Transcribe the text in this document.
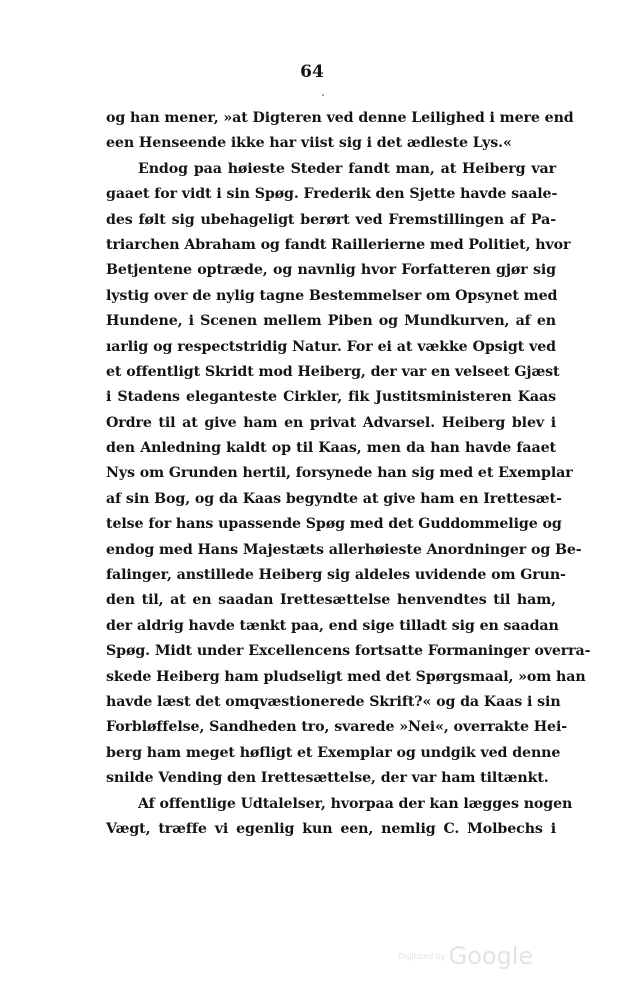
64
og han mener, »at Digteren ved denne Leilighed i mere end
een Henseende ikke har viist sig i det ædleste Lys.«
Endog paa høieste Steder fandt man, at Heiberg var
gaaet for vidt i sin Spøg. Frederik den Sjette havde saale-
des følt sig ubehageligt berørt ved Fremstillingen af Pa-
triarchen Abraham og fandt Raillerierne med Politiet, hvor
Betjentene optræde, og navnlig hvor Forfatteren gjør sig
lystig over de nylig tagne Bestemmelser om Opsynet med
Hundene, i Scenen mellem Piben og Mundkurven, af en
ıarlig og respectstridig Natur. For ei at vække Opsigt ved
et offentligt Skridt mod Heiberg, der var en velseet Gjæst
i Stadens eleganteste Cirkler, fik Justitsministeren Kaas
Ordre til at give ham en privat Advarsel. Heiberg blev i
den Anledning kaldt op til Kaas, men da han havde faaet
Nys om Grunden hertil, forsynede han sig med et Exemplar
af sin Bog, og da Kaas begyndte at give ham en Irettesæt-
telse for hans upassende Spøg med det Guddommelige og
endog med Hans Majestæts allerhøieste Anordninger og Be-
falinger, anstillede Heiberg sig aldeles uvidende om Grun-
den til, at en saadan Irettesættelse henvendtes til ham,
der aldrig havde tænkt paa, end sige tilladt sig en saadan
Spøg. Midt under Excellencens fortsatte Formaninger overra-
skede Heiberg ham pludseligt med det Spørgsmaal, »om han
havde læst det omqvæstionerede Skrift?« og da Kaas i sin
Forbløffelse, Sandheden tro, svarede »Nei«, overrakte Hei-
berg ham meget høfligt et Exemplar og undgik ved denne
snilde Vending den Irettesættelse, der var ham tiltænkt.
Af offentlige Udtalelser, hvorpaa der kan lægges nogen
Vægt, træffe vi egenlig kun een, nemlig C. Molbechs i
Digitized by Google
